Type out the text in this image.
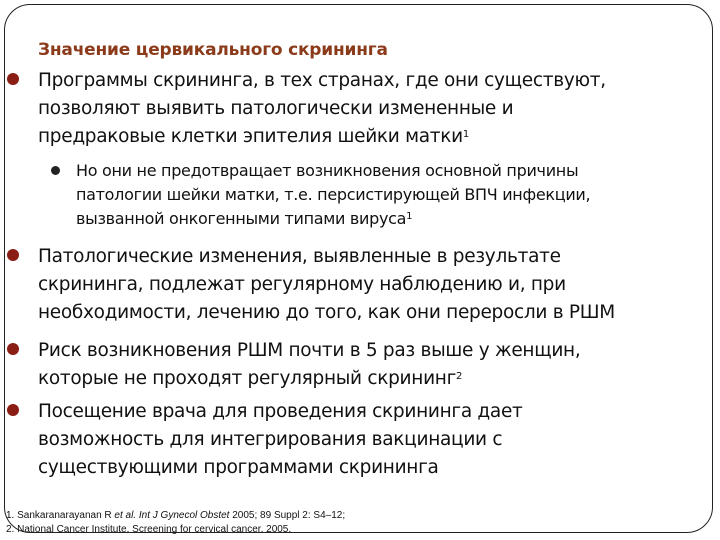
Значение цервикального скрининга
Программы скрининга, в тех странах, где они существуют,
позволяют выявить патологически измененные и
предраковые клетки эпителия шейки матки$^1$
Но они не предотвращает возникновения основной причины
патологии шейки матки, т.е. персистирующей ВПЧ инфекции,
вызванной онкогенными типами вируса$^1$
Патологические изменения, выявленные в результате
скрининга, подлежат регулярному наблюдению и, при
необходимости, лечению до того, как они переросли в РШМ
Риск возникновения РШМ почти в 5 раз выше у женщин,
которые не проходят регулярный скрининг$^2$
Посещение врача для проведения скрининга дает
возможность для интегрирования вакцинации с
существующими программами скрининга
1. Sankaranarayanan R et al. Int J Gynecol Obstet 2005; 89 Suppl 2: S4–12;
2. National Cancer Institute. Screening for cervical cancer. 2005.
